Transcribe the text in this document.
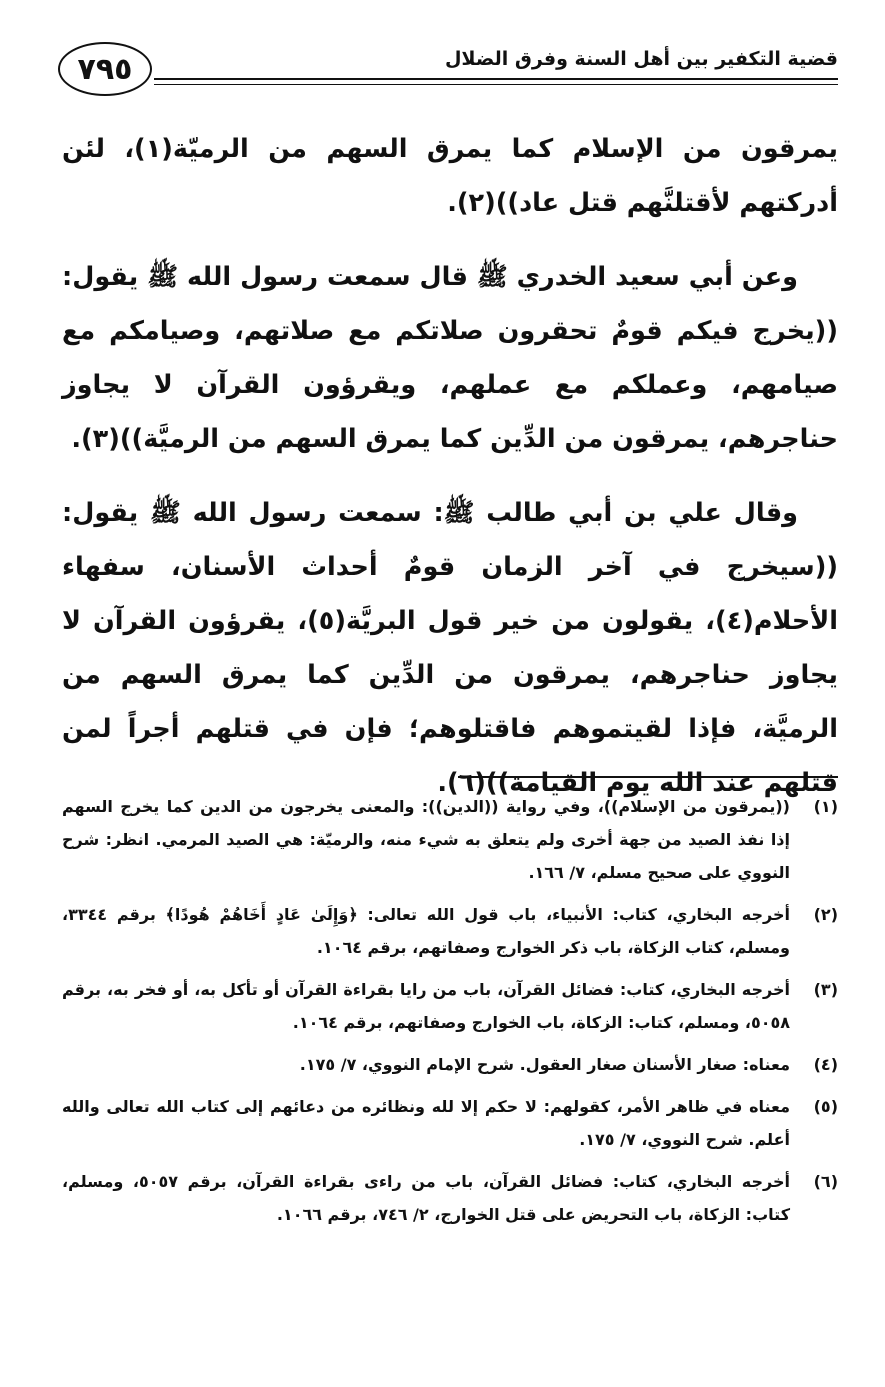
٧٩٥	قضية التكفير بين أهل السنة وفرق الضلال

يمرقون من الإسلام كما يمرق السهم من الرميّة(١)، لئن أدركتهم لأقتلنَّهم قتل عاد))(٢).

وعن أبي سعيد الخدري ﷺ قال سمعت رسول الله ﷺ يقول: ((يخرج فيكم قومٌ تحقرون صلاتكم مع صلاتهم، وصيامكم مع صيامهم، وعملكم مع عملهم، ويقرؤون القرآن لا يجاوز حناجرهم، يمرقون من الدِّين كما يمرق السهم من الرميَّة))(٣).

وقال علي بن أبي طالب ﷺ: سمعت رسول الله ﷺ يقول: ((سيخرج في آخر الزمان قومٌ أحداث الأسنان، سفهاء الأحلام(٤)، يقولون من خير قول البريَّة(٥)، يقرؤون القرآن لا يجاوز حناجرهم، يمرقون من الدِّين كما يمرق السهم من الرميَّة، فإذا لقيتموهم فاقتلوهم؛ فإن في قتلهم أجراً لمن قتلهم عند الله يوم القيامة))(٦).

(١)
((يمرقون من الإسلام))، وفي رواية ((الدين)): والمعنى يخرجون من الدين كما يخرج السهم إذا نفذ الصيد من جهة أخرى ولم يتعلق به شيء منه، والرميّة: هي الصيد المرمي. انظر: شرح النووي على صحيح مسلم، ٧/ ١٦٦.
(٢)
أخرجه البخاري، كتاب: الأنبياء، باب قول الله تعالى: ﴿وَإِلَىٰ عَادٍ أَخَاهُمْ هُودًا﴾ برقم ٣٣٤٤، ومسلم، كتاب الزكاة، باب ذكر الخوارج وصفاتهم، برقم ١٠٦٤.
(٣)
أخرجه البخاري، كتاب: فضائل القرآن، باب من رايا بقراءة القرآن أو تأكل به، أو فخر به، برقم ٥٠٥٨، ومسلم، كتاب: الزكاة، باب الخوارج وصفاتهم، برقم ١٠٦٤.
(٤)
معناه: صغار الأسنان صغار العقول. شرح الإمام النووي، ٧/ ١٧٥.
(٥)
معناه في ظاهر الأمر، كقولهم: لا حكم إلا لله ونظائره من دعائهم إلى كتاب الله تعالى والله أعلم. شرح النووي، ٧/ ١٧٥.
(٦)
أخرجه البخاري، كتاب: فضائل القرآن، باب من راءى بقراءة القرآن، برقم ٥٠٥٧، ومسلم، كتاب: الزكاة، باب التحريض على قتل الخوارج، ٢/ ٧٤٦، برقم ١٠٦٦.
